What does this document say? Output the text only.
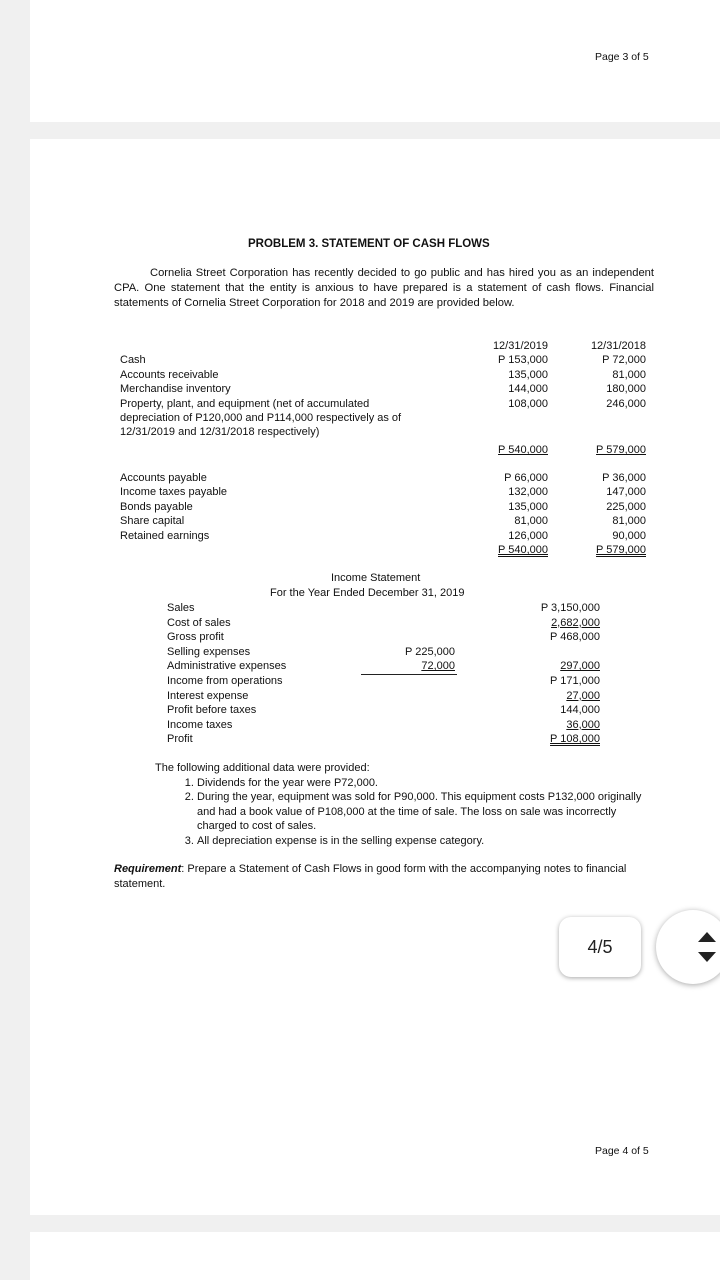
Page 3 of 5
PROBLEM 3. STATEMENT OF CASH FLOWS

Cornelia Street Corporation has recently decided to go public and has hired you as an independent CPA. One statement that the entity is anxious to have prepared is a statement of cash flows. Financial statements of Cornelia Street Corporation for 2018 and 2019 are provided below.

12/31/2019	12/31/2018
Cash	P 153,000	P 72,000
Accounts receivable	135,000	81,000
Merchandise inventory	144,000	180,000
Property, plant, and equipment (net of accumulated	108,000	246,000
depreciation of P120,000 and P114,000 respectively as of
12/31/2019 and 12/31/2018 respectively)
P 540,000	P 579,000
Accounts payable	P 66,000	P 36,000
Income taxes payable	132,000	147,000
Bonds payable	135,000	225,000
Share capital	81,000	81,000
Retained earnings	126,000	90,000
P 540,000	P 579,000
Income Statement
For the Year Ended December 31, 2019
Sales	P 3,150,000
Cost of sales	2,682,000
Gross profit	P 468,000
Selling expenses	P 225,000
Administrative expenses	72,000	297,000
Income from operations	P 171,000
Interest expense	27,000
Profit before taxes	144,000
Income taxes	36,000
Profit	P 108,000
The following additional data were provided:
1. Dividends for the year were P72,000.
2. During the year, equipment was sold for P90,000. This equipment costs P132,000 originally and had a book value of P108,000 at the time of sale. The loss on sale was incorrectly charged to cost of sales.
3. All depreciation expense is in the selling expense category.
Requirement: Prepare a Statement of Cash Flows in good form with the accompanying notes to financial statement.
Page 4 of 5
4/5
